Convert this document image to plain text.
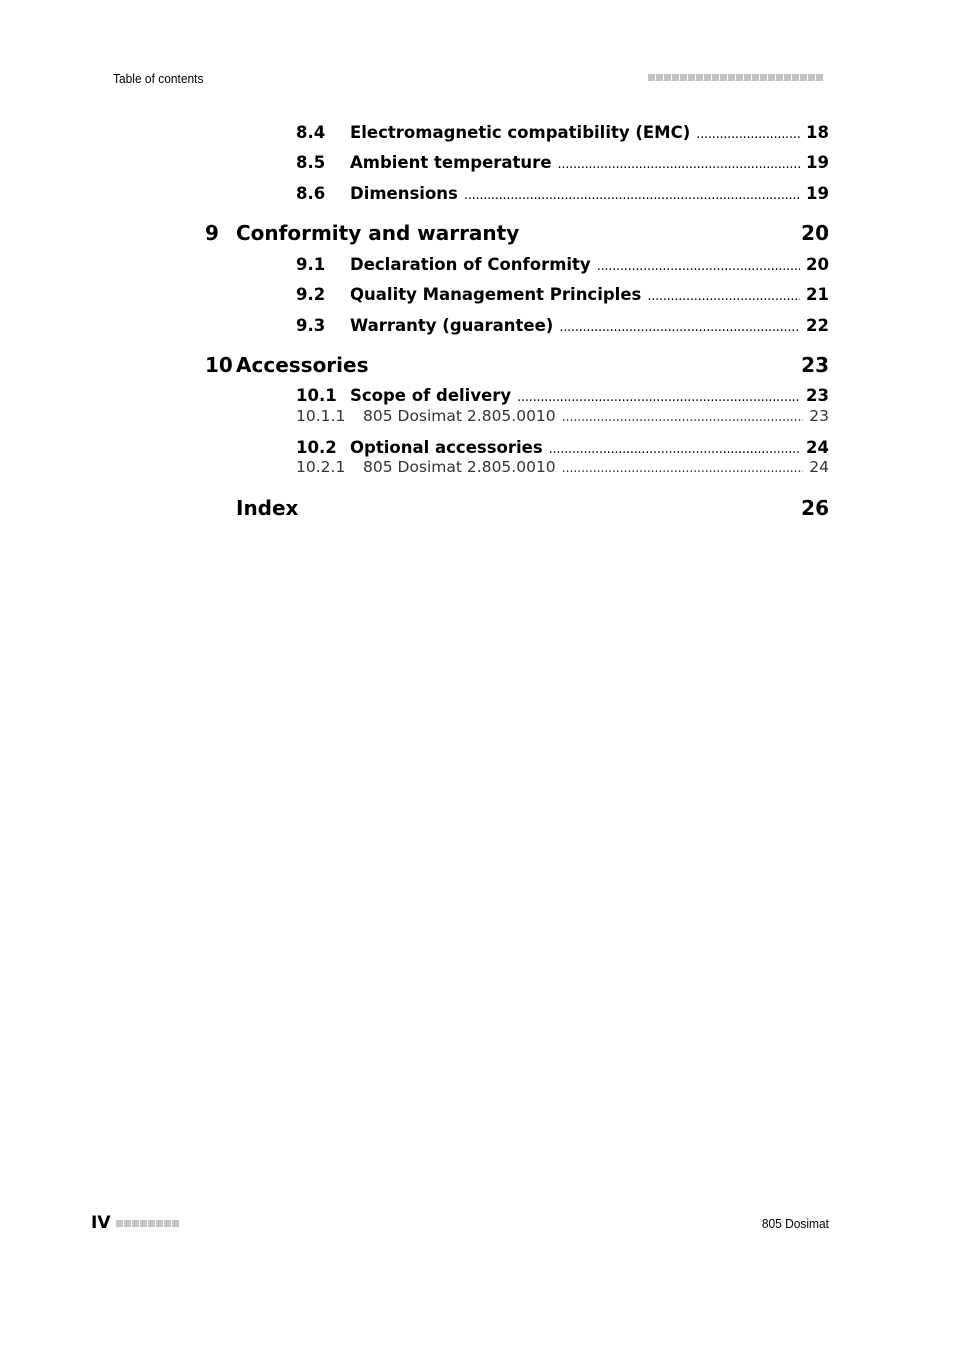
Table of contents
8.4	Electromagnetic compatibility (EMC) . . .	18
8.5	Ambient temperature . . .	19
8.6	Dimensions . . .	19
9 Conformity and warranty	20
9.1	Declaration of Conformity . . .	20
9.2	Quality Management Principles . . .	21
9.3	Warranty (guarantee) . . .	22
10 Accessories	23
10.1 Scope of delivery . . .	23
10.1.1	805 Dosimat 2.805.0010 . . .	23
10.2 Optional accessories . . .	24
10.2.1	805 Dosimat 2.805.0010 . . .	24
Index	26
IV	805 Dosimat
